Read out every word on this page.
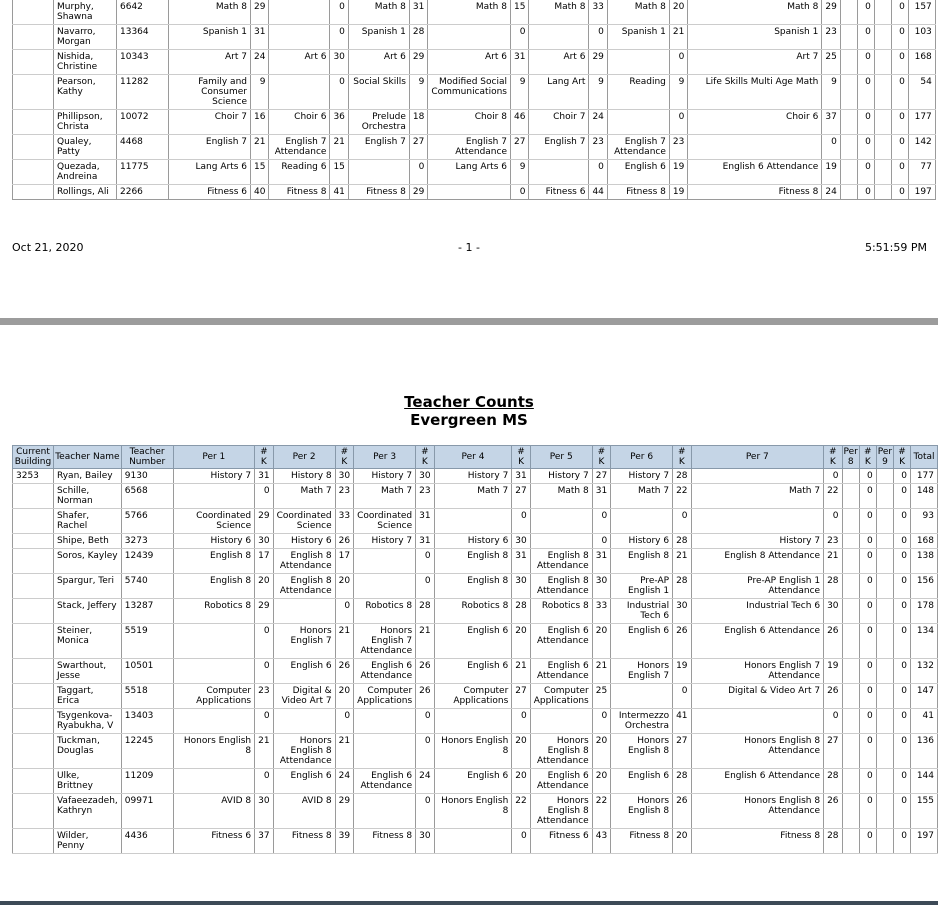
	Murphy, Shawna	6642	Math 8	29		0	Math 8	31	Math 8	15	Math 8	33	Math 8	20	Math 8	29		0		0	157
	Navarro, Morgan	13364	Spanish 1	31		0	Spanish 1	28		0		0	Spanish 1	21	Spanish 1	23		0		0	103
	Nishida, Christine	10343	Art 7	24	Art 6	30	Art 6	29	Art 6	31	Art 6	29		0	Art 7	25		0		0	168
	Pearson, Kathy	11282	Family and Consumer Science	9		0	Social Skills	9	Modified Social Communications	9	Lang Art	9	Reading	9	Life Skills Multi Age Math	9		0		0	54
	Phillipson, Christa	10072	Choir 7	16	Choir 6	36	Prelude Orchestra	18	Choir 8	46	Choir 7	24		0	Choir 6	37		0		0	177
	Qualey, Patty	4468	English 7	21	English 7 Attendance	21	English 7	27	English 7 Attendance	27	English 7	23	English 7 Attendance	23		0		0		0	142
	Quezada, Andreina	11775	Lang Arts 6	15	Reading 6	15		0	Lang Arts 6	9		0	English 6	19	English 6 Attendance	19		0		0	77
	Rollings, Ali	2266	Fitness 6	40	Fitness 8	41	Fitness 8	29		0	Fitness 6	44	Fitness 8	19	Fitness 8	24		0		0	197
Oct 21, 2020	- 1 -	5:51:59 PM
Teacher Counts
Evergreen MS
Current Building	Teacher Name	Teacher Number	Per 1	# K	Per 2	# K	Per 3	# K	Per 4	# K	Per 5	# K	Per 6	# K	Per 7	# K	Per 8	# K	Per 9	# K	Total
3253	Ryan, Bailey	9130	History 7	31	History 8	30	History 7	30	History 7	31	History 7	27	History 7	28		0		0		0	177
	Schille, Norman	6568		0	Math 7	23	Math 7	23	Math 7	27	Math 8	31	Math 7	22	Math 7	22		0		0	148
	Shafer, Rachel	5766	Coordinated Science	29	Coordinated Science	33	Coordinated Science	31		0		0		0		0		0		0	93
	Shipe, Beth	3273	History 6	30	History 6	26	History 7	31	History 6	30		0	History 6	28	History 7	23		0		0	168
	Soros, Kayley	12439	English 8	17	English 8 Attendance	17		0	English 8	31	English 8 Attendance	31	English 8	21	English 8 Attendance	21		0		0	138
	Spargur, Teri	5740	English 8	20	English 8 Attendance	20		0	English 8	30	English 8 Attendance	30	Pre-AP English 1	28	Pre-AP English 1 Attendance	28		0		0	156
	Stack, Jeffery	13287	Robotics 8	29		0	Robotics 8	28	Robotics 8	28	Robotics 8	33	Industrial Tech 6	30	Industrial Tech 6	30		0		0	178
	Steiner, Monica	5519		0	Honors English 7	21	Honors English 7 Attendance	21	English 6	20	English 6 Attendance	20	English 6	26	English 6 Attendance	26		0		0	134
	Swarthout, Jesse	10501		0	English 6	26	English 6 Attendance	26	English 6	21	English 6 Attendance	21	Honors English 7	19	Honors English 7 Attendance	19		0		0	132
	Taggart, Erica	5518	Computer Applications	23	Digital & Video Art 7	20	Computer Applications	26	Computer Applications	27	Computer Applications	25		0	Digital & Video Art 7	26		0		0	147
	Tsygenkova-Ryabukha, V	13403		0		0		0		0		0	Intermezzo Orchestra	41		0		0		0	41
	Tuckman, Douglas	12245	Honors English 8	21	Honors English 8 Attendance	21		0	Honors English 8	20	Honors English 8 Attendance	20	Honors English 8	27	Honors English 8 Attendance	27		0		0	136
	Ulke, Brittney	11209		0	English 6	24	English 6 Attendance	24	English 6	20	English 6 Attendance	20	English 6	28	English 6 Attendance	28		0		0	144
	Vafaeezadeh, Kathryn	09971	AVID 8	30	AVID 8	29		0	Honors English 8	22	Honors English 8 Attendance	22	Honors English 8	26	Honors English 8 Attendance	26		0		0	155
	Wilder, Penny	4436	Fitness 6	37	Fitness 8	39	Fitness 8	30		0	Fitness 6	43	Fitness 8	20	Fitness 8	28		0		0	197
